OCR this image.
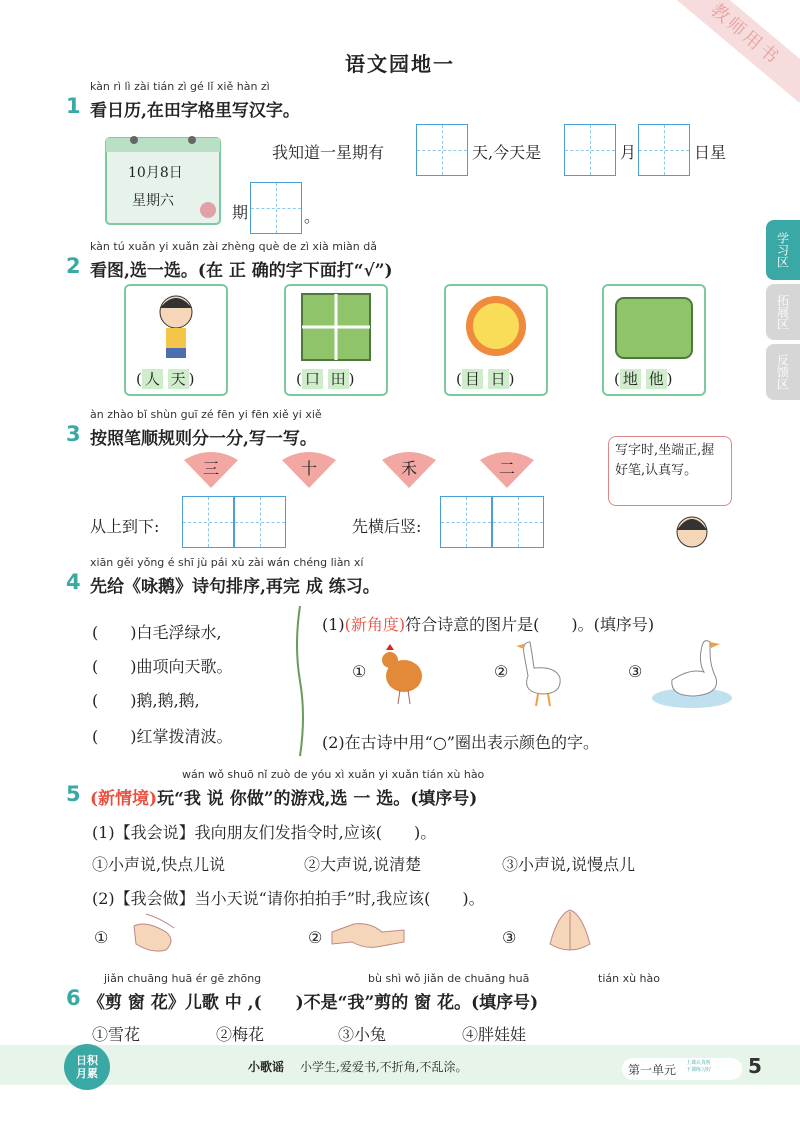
教师用书
学习区
拓展区
反馈区
语文园地一
kàn rì lì zài tián zì gé lǐ xiě hàn zì
1 看日历,在田字格里写汉字。
10月8日
星期六
我知道一星期有	天,今天是	月	日星
期	。
kàn tú xuǎn yi xuǎn zài zhèng què de zì xià miàn dǎ
2 看图,选一选。(在 正 确的字下面打“√”)
( 人 天 )	( 口 田 )	( 目 日 )	( 地 他 )
àn zhào bǐ shùn guī zé fēn yi fēn xiě yi xiě
3 按照笔顺规则分一分,写一写。
三	十	禾	二
从上到下:	先横后竖:
写字时,坐端正,握好笔,认真写。
xiān gěi yǒng é shī jù pái xù zài wán chéng liàn xí
4 先给《咏鹅》诗句排序,再完 成 练习。
(　　)白毛浮绿水,
(　　)曲项向天歌。
(　　)鹅,鹅,鹅,
(　　)红掌拨清波。
(1)(新角度)符合诗意的图片是(　　)。(填序号)
①	②	③
(2)在古诗中用“○”圈出表示颜色的字。
wán wǒ shuō nǐ zuò de yóu xì xuǎn yi xuǎn tián xù hào
5 (新情境)玩“我 说 你做”的游戏,选 一 选。(填序号)
(1)【我会说】我向朋友们发指令时,应该(　　)。
①小声说,快点儿说	②大声说,说清楚	③小声说,说慢点儿
(2)【我会做】当小天说“请你拍拍手”时,我应该(　　)。
①	②	③
jiǎn chuāng huā ér gē zhōng	bù shì wǒ jiǎn de chuāng huā	tián xù hào
6 《剪 窗 花》儿歌 中 ,(　　)不是“我”剪的 窗 花。(填序号)
①雪花	②梅花	③小兔	④胖娃娃
日积月累	小歌谣 小学生,爱爱书,不折角,不乱涂。	第一单元 上课认真听 下课练习好 5
